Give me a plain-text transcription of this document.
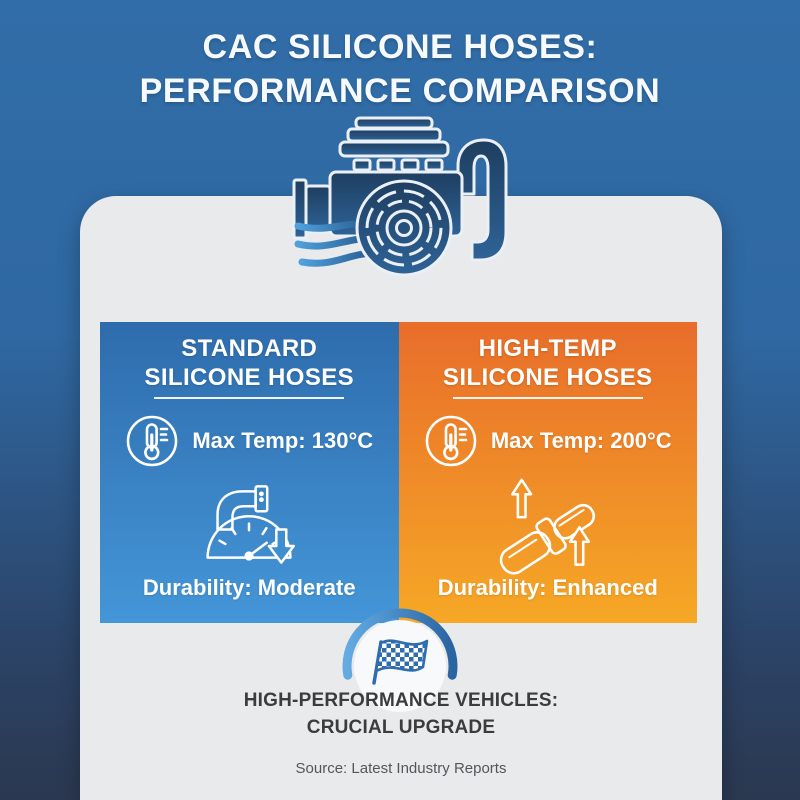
CAC SILICONE HOSES:
PERFORMANCE COMPARISON
STANDARD
SILICONE HOSES
Max Temp: 130°C
Durability: Moderate
HIGH-TEMP
SILICONE HOSES
Max Temp: 200°C
Durability: Enhanced
HIGH-PERFORMANCE VEHICLES:
CRUCIAL UPGRADE
Source: Latest Industry Reports
